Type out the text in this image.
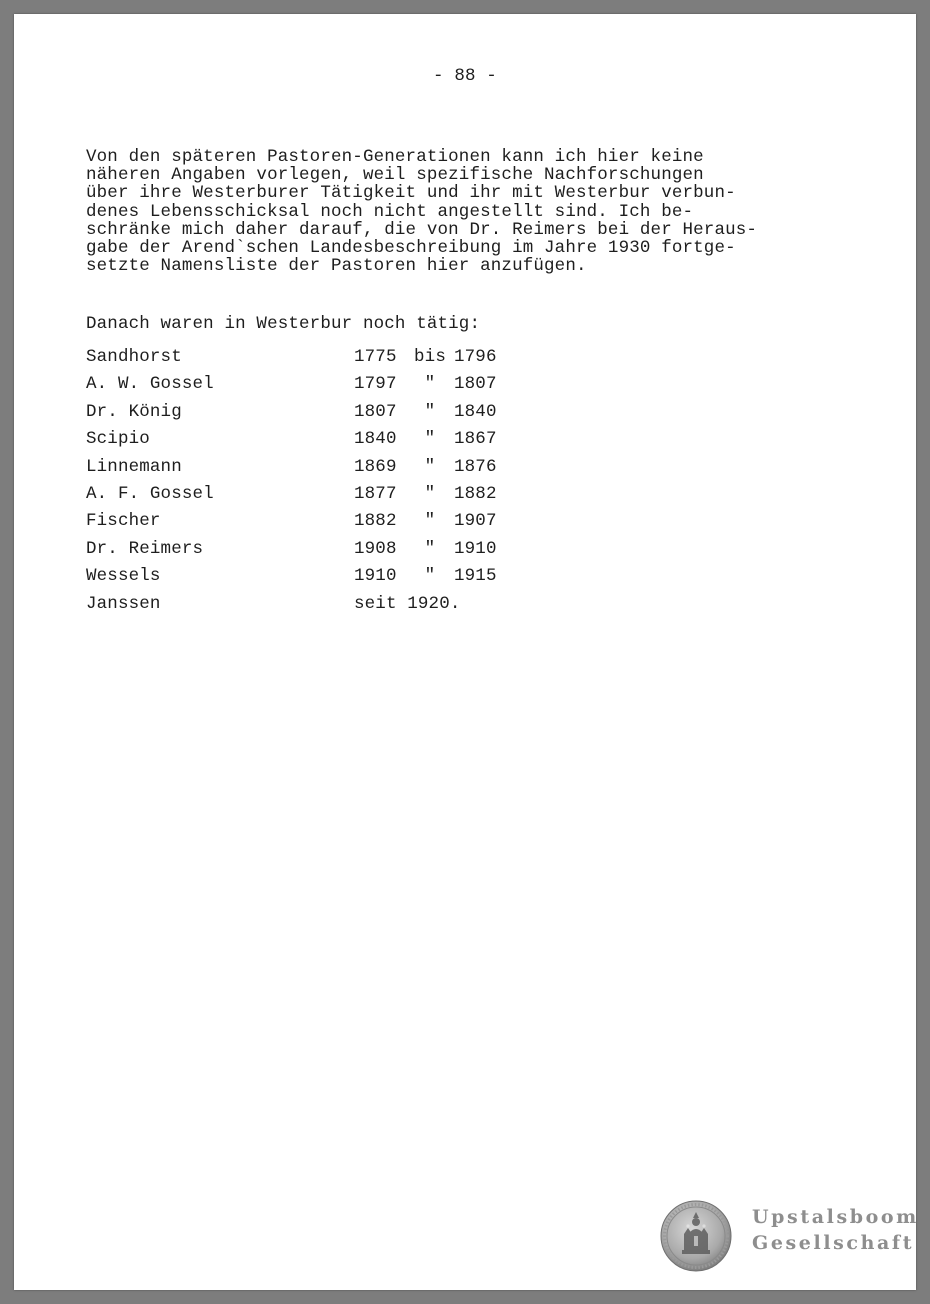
- 88 -
Von den späteren Pastoren-Generationen kann ich hier keine
näheren Angaben vorlegen, weil spezifische Nachforschungen
über ihre Westerburer Tätigkeit und ihr mit Westerbur verbun-
denes Lebensschicksal noch nicht angestellt sind. Ich be-
schränke mich daher darauf, die von Dr. Reimers bei der Heraus-
gabe der Arend`schen Landesbeschreibung im Jahre 1930 fortge-
setzte Namensliste der Pastoren hier anzufügen.
Danach waren in Westerbur noch tätig:
Sandhorst	1775	bis	1796
A. W. Gossel	1797	"	1807
Dr. König	1807	"	1840
Scipio	1840	"	1867
Linnemann	1869	"	1876
A. F. Gossel	1877	"	1882
Fischer	1882	"	1907
Dr. Reimers	1908	"	1910
Wessels	1910	"	1915
Janssen	seit 1920.		
Upstalsboom
Gesellschaft
